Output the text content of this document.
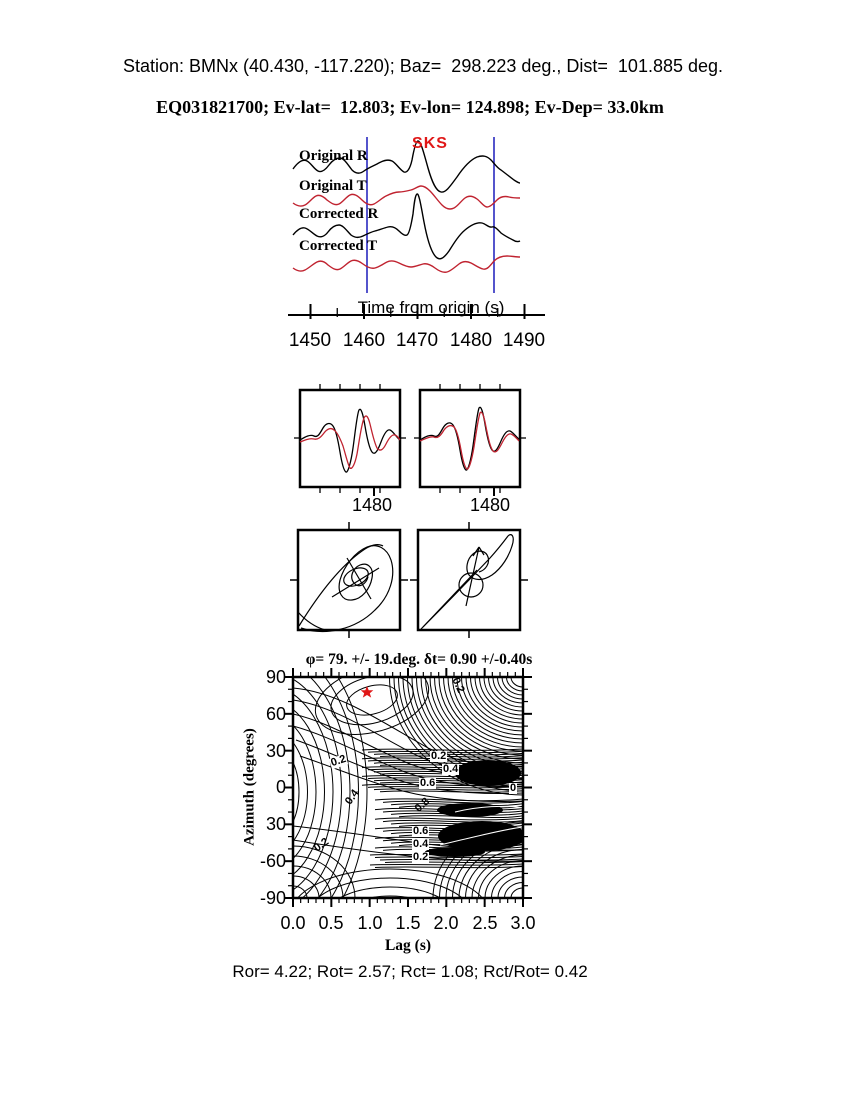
Station: BMNx (40.430, -117.220); Baz=  298.223 deg., Dist=  101.885 deg.
EQ031821700; Ev-lat=  12.803; Ev-lon= 124.898; Ev-Dep= 33.0km
SKS
Original R
Original T
Corrected R
Corrected T
Time from origin (s)
1450 1460 1470 1480 1490
1480	1480
φ= 79. +/- 19.deg. δt= 0.90 +/-0.40s
Azimuth (degrees)
90
60
30
0
30
-60
-90
0.0 0.5 1.0 1.5 2.0 2.5 3.0
Lag (s)
0.2
0.2	0.2
0.4
0.6
0.8
0.4
0.2
0.6
0.4
0.2
0
Ror= 4.22; Rot= 2.57; Rct= 1.08; Rct/Rot= 0.42
